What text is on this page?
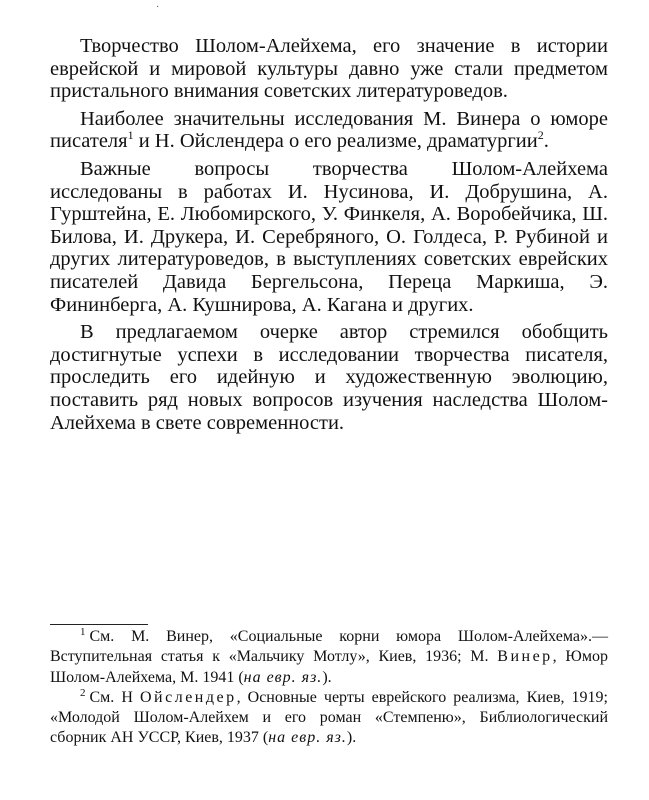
·

Творчество Шолом-Алейхема, его значение в истории еврейской и мировой культуры давно уже стали предметом пристального внимания советских литературоведов.

Наиболее значительны исследования М. Винера о юморе писателя$^1$ и Н. Ойслендера о его реализме, драматургии$^2$.

Важные вопросы творчества Шолом-Алейхема исследованы в работах И. Нусинова, И. Добрушина, А. Гурштейна, Е. Любомирского, У. Финкеля, А. Воробейчика, Ш. Билова, И. Друкера, И. Серебряного, О. Голдеса, Р. Рубиной и других литературоведов, в выступлениях советских еврейских писателей Давида Бергельсона, Переца Маркиша, Э. Фининберга, А. Кушнирова, А. Кагана и других.

В предлагаемом очерке автор стремился обобщить достигнутые успехи в исследовании творчества писателя, проследить его идейную и художественную эволюцию, поставить ряд новых вопросов изучения наследства Шолом-Алейхема в свете современности.

$^1$ См. М. Винер, «Социальные корни юмора Шолом-Алейхема».— Вступительная статья к «Мальчику Мотлу», Киев, 1936; М. Винер, Юмор Шолом-Алейхема, М. 1941 (на евр. яз.).

$^2$ См. Н Ойслендер, Основные черты еврейского реализма, Киев, 1919; «Молодой Шолом-Алейхем и его роман «Стемпеню», Библиологический сборник АН УССР, Киев, 1937 (на евр. яз.).
